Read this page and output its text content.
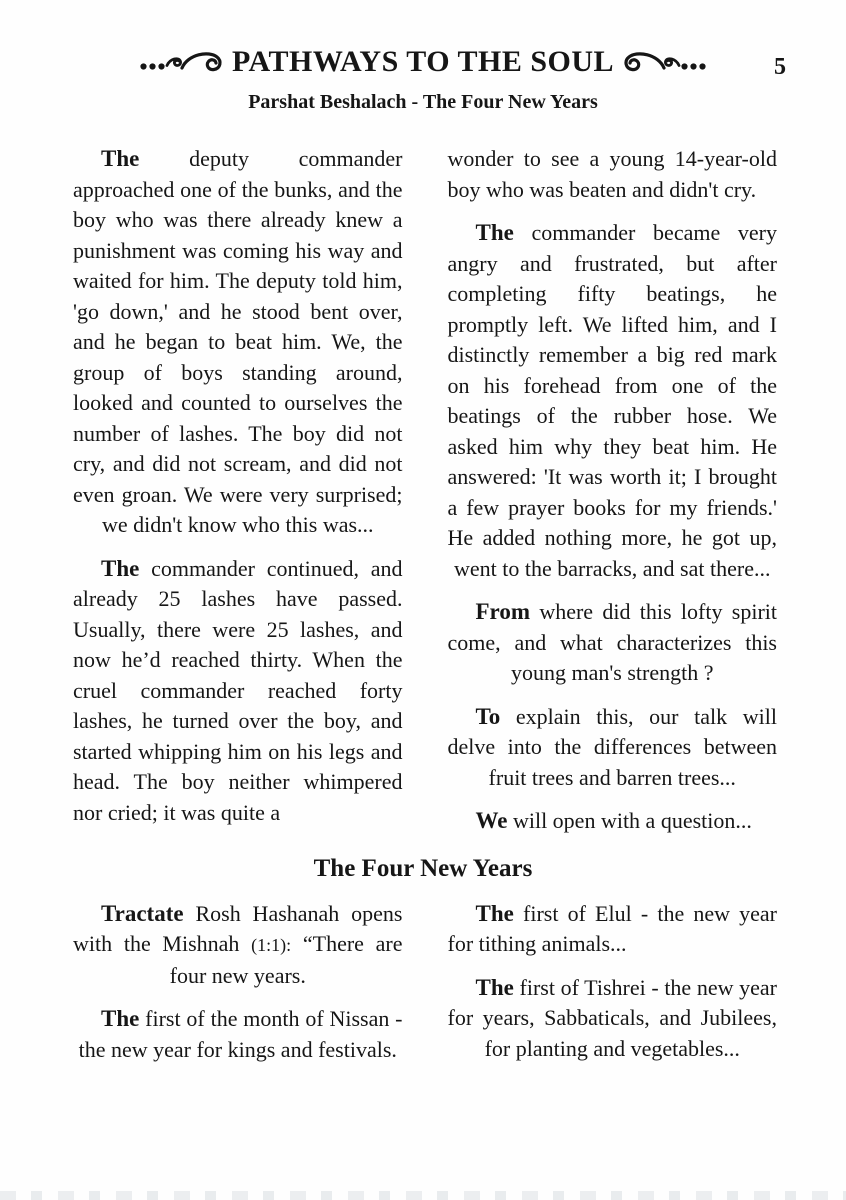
PATHWAYS TO THE SOUL	5
Parshat Beshalach - The Four New Years

The deputy commander approached one of the bunks, and the boy who was there already knew a punishment was coming his way and waited for him. The deputy told him, 'go down,' and he stood bent over, and he began to beat him. We, the group of boys standing around, looked and counted to ourselves the number of lashes. The boy did not cry, and did not scream, and did not even groan. We were very surprised; we didn't know who this was...

The commander continued, and already 25 lashes have passed. Usually, there were 25 lashes, and now he’d reached thirty. When the cruel commander reached forty lashes, he turned over the boy, and started whipping him on his legs and head. The boy neither whimpered nor cried; it was quite a

wonder to see a young 14-year-old boy who was beaten and didn't cry.

The commander became very angry and frustrated, but after completing fifty beatings, he promptly left. We lifted him, and I distinctly remember a big red mark on his forehead from one of the beatings of the rubber hose. We asked him why they beat him. He answered: 'It was worth it; I brought a few prayer books for my friends.' He added nothing more, he got up, went to the barracks, and sat there...

From where did this lofty spirit come, and what characterizes this young man's strength ?

To explain this, our talk will delve into the differences between fruit trees and barren trees...

We will open with a question...

The Four New Years

Tractate Rosh Hashanah opens with the Mishnah (1:1): “There are four new years.

The first of the month of Nissan - the new year for kings and festivals.

The first of Elul - the new year for tithing animals...

The first of Tishrei - the new year for years, Sabbaticals, and Jubilees, for planting and vegetables...
